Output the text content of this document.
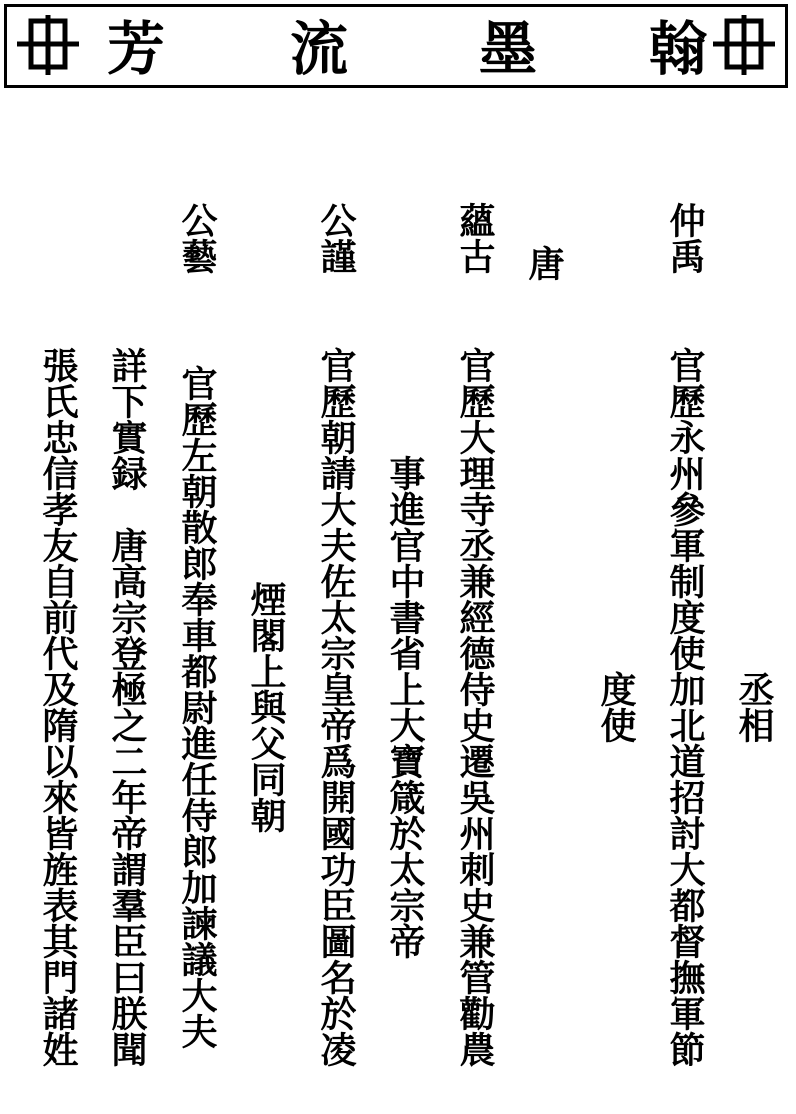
芳 流 墨 翰
仲禹
蘊古 唐
公謹
公藝
丞相
官歷永州參軍制度使加北道招討大都督撫軍節
度使
官歷大理寺丞兼經德侍史遷吳州刺史兼管勸農
事進官中書省上大寶箴於太宗帝
官歷朝請大夫佐太宗皇帝爲開國功臣圖名於凌
煙閣上與父同朝
官歷左朝散郎奉車都尉進任侍郎加諫議大夫
詳下實録　唐高宗登極之二年帝謂羣臣曰朕聞
張氏忠信孝友自前代及隋以來皆旌表其門諸姓
